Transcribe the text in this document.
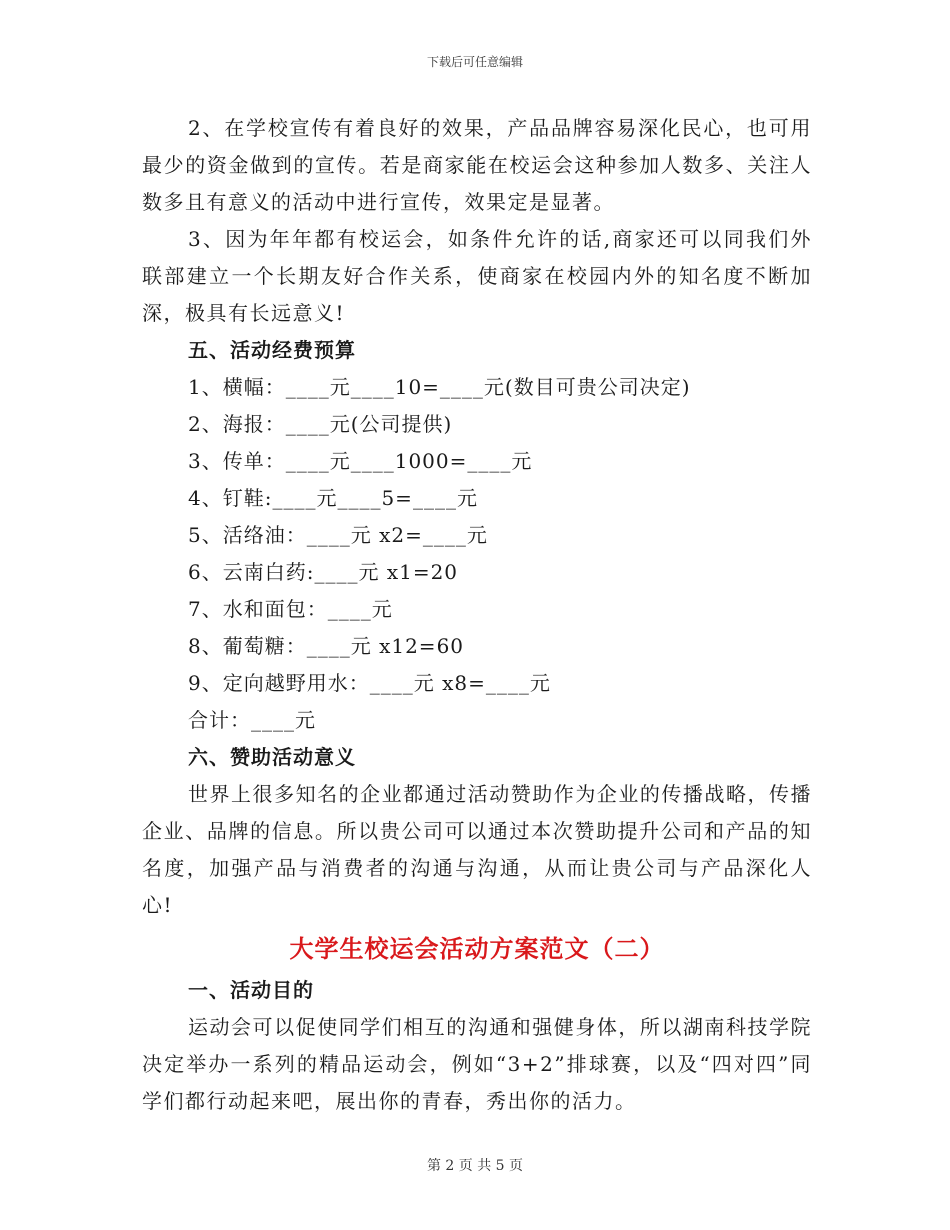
下载后可任意编辑

2、在学校宣传有着良好的效果，产品品牌容易深化民心，也可用最少的资金做到的宣传。若是商家能在校运会这种参加人数多、关注人数多且有意义的活动中进行宣传，效果定是显著。

3、因为年年都有校运会，如条件允许的话,商家还可以同我们外联部建立一个长期友好合作关系，使商家在校园内外的知名度不断加深，极具有长远意义!

五、活动经费预算

1、横幅：____元____10=____元(数目可贵公司决定)

2、海报：____元(公司提供)

3、传单：____元____1000=____元

4、钉鞋:____元____5=____元

5、活络油：____元 x2=____元

6、云南白药:____元 x1=20

7、水和面包：____元

8、葡萄糖：____元 x12=60

9、定向越野用水：____元 x8=____元

合计：____元

六、赞助活动意义

世界上很多知名的企业都通过活动赞助作为企业的传播战略，传播企业、品牌的信息。所以贵公司可以通过本次赞助提升公司和产品的知名度，加强产品与消费者的沟通与沟通，从而让贵公司与产品深化人心!

大学生校运会活动方案范文（二）

一、活动目的

运动会可以促使同学们相互的沟通和强健身体，所以湖南科技学院决定举办一系列的精品运动会，例如“3+2”排球赛，以及“四对四”同学们都行动起来吧，展出你的青春，秀出你的活力。

第 2 页 共 5 页
